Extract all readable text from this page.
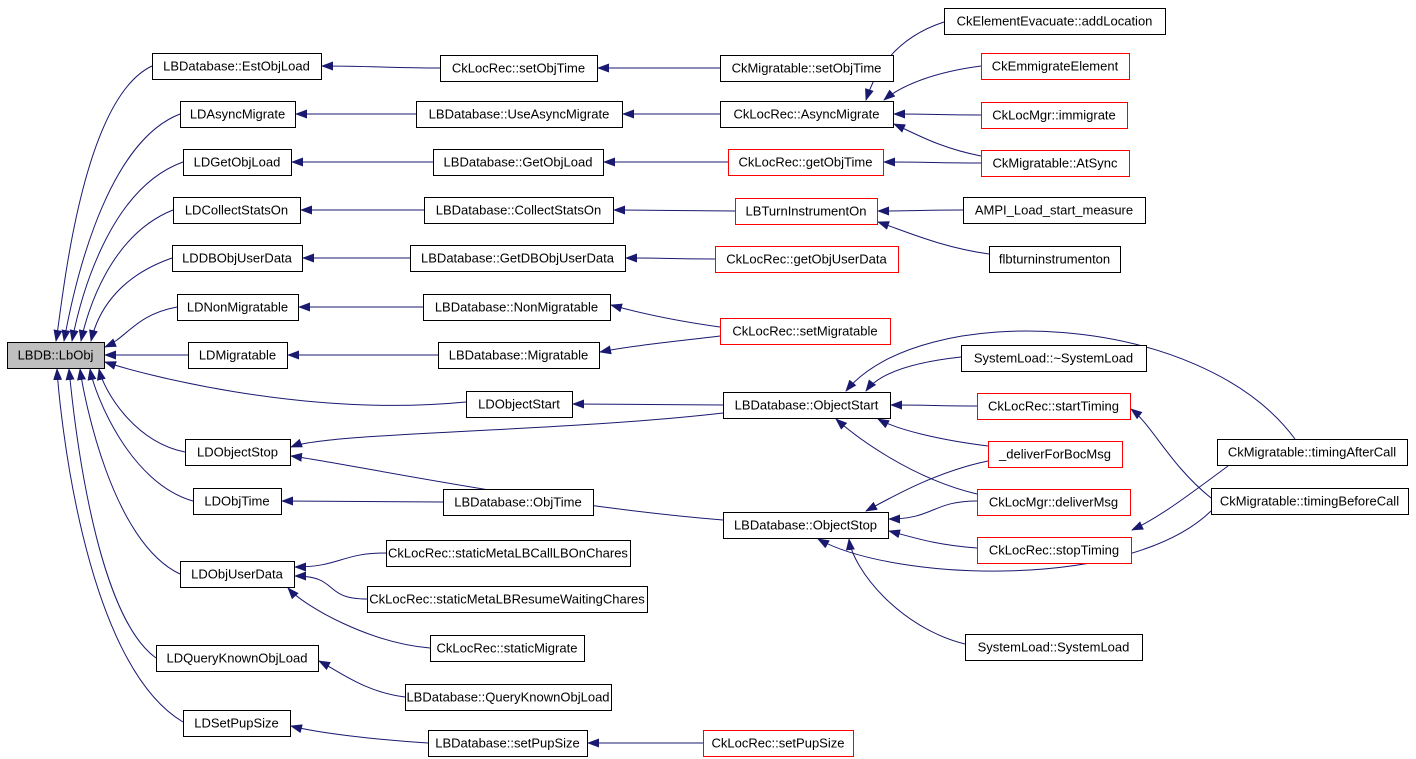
LBDB::LbObj
LBDatabase::EstObjLoad
LDAsyncMigrate
LDGetObjLoad
LDCollectStatsOn
LDDBObjUserData
LDNonMigratable
LDMigratable
LDObjectStart
LDObjectStop
LDObjTime
LDObjUserData
LDQueryKnownObjLoad
LDSetPupSize
CkLocRec::setObjTime
LBDatabase::UseAsyncMigrate
LBDatabase::GetObjLoad
LBDatabase::CollectStatsOn
LBDatabase::GetDBObjUserData
LBDatabase::NonMigratable
LBDatabase::Migratable
LBDatabase::ObjTime
CkLocRec::staticMetaLBCallLBOnChares
CkLocRec::staticMetaLBResumeWaitingChares
CkLocRec::staticMigrate
LBDatabase::QueryKnownObjLoad
LBDatabase::setPupSize
CkMigratable::setObjTime
CkLocRec::AsyncMigrate
CkLocRec::getObjTime
LBTurnInstrumentOn
CkLocRec::getObjUserData
CkLocRec::setMigratable
LBDatabase::ObjectStart
LBDatabase::ObjectStop
CkLocRec::setPupSize
CkElementEvacuate::addLocation
CkEmmigrateElement
CkLocMgr::immigrate
CkMigratable::AtSync
AMPI_Load_start_measure
flbturninstrumenton
SystemLoad::~SystemLoad
CkLocRec::startTiming
_deliverForBocMsg
CkLocMgr::deliverMsg
CkLocRec::stopTiming
SystemLoad::SystemLoad
CkMigratable::timingAfterCall
CkMigratable::timingBeforeCall
